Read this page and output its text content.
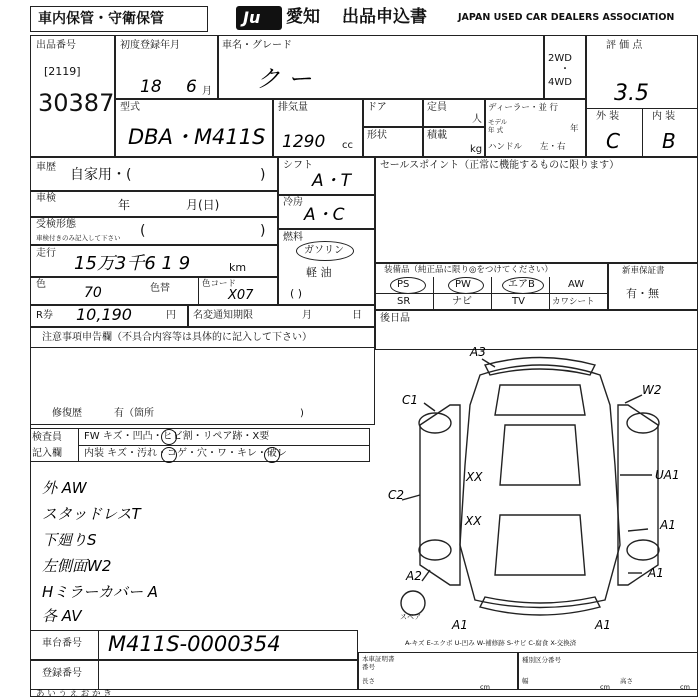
車内保管・守衛保管	Ju 愛知 出品申込書	JAPAN USED CAR DEALERS ASSOCIATION
出品番号
[2119]
30387
初度登録年月
18 6 月
車名・グレード
ク ー
2WD
・
4WD
評 価 点
3.5
外 装	内 装
C B
型式
DBA・M411S
排気量
1290 cc
ドア	定員
人
形状	積載
kg
ディーラー・並 行
モデル
年 式	年
ハンドル 左・右
車歴 自家用・(	)
車検	年	月(日)
受検形態
車検付きのみ記入して下さい (	)
走行 15万3千6 1 9	km
色
70	色替	色コード
X07
シフト
A・T
冷房
A・C
燃料
ガソリン
軽 油
( )
セールスポイント（正常に機能するものに限ります）
装備品（純正品に限り◎をつけてください）
PS	PW	エアB	AW
SR	ナビ	TV	カワシート
新車保証書
有・無
R券 10,190	円 名変通知期限	月	日
注意事項申告欄（不具合内容等は具体的に記入して下さい）
修復歴	有（箇所	)
後日品
検査員
記入欄
FW キズ・凹凸・ヒビ割・リペア跡・X要
内装 キズ・汚れ・コゲ・穴・ワ・キレ・破レ
外 AW
スタッドレスT
下廻りS
左側面W2
Hミラーカバー A
各 AV
A3
W2
C1
UA1
XX
XX
C2
A1
A1
A2
A1	A1
スペア
A-キズ E-エクボ U-凹み W-補修跡 S-サビ C-腐食 X-交換済
車台番号 M411S-0000354
登録番号
本車証明書
番号
長さ
cm
種別区分番号
幅
cm
高さ
cm
あ い う え お か き
